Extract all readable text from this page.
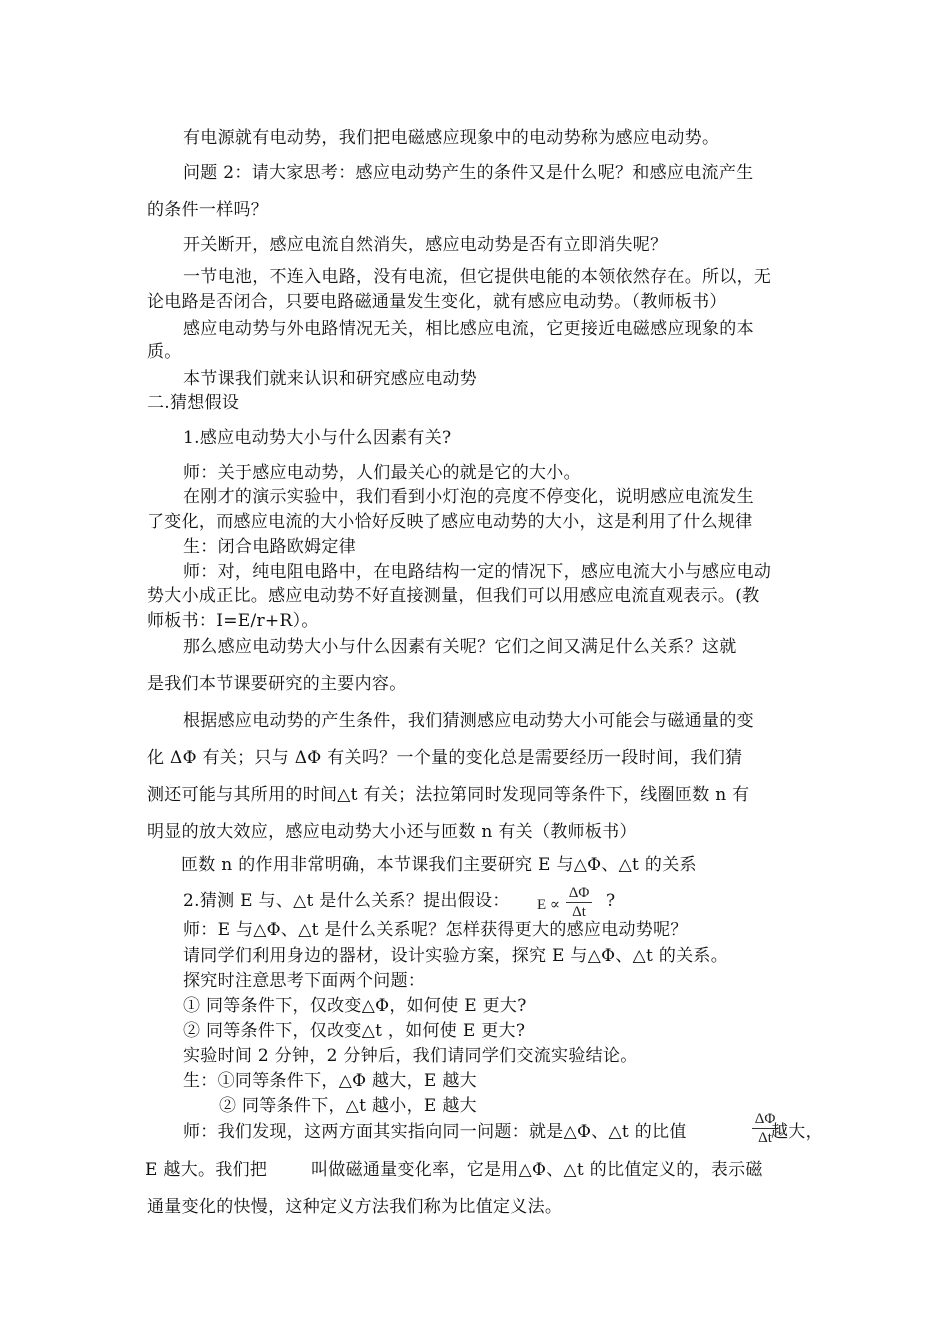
有电源就有电动势，我们把电磁感应现象中的电动势称为感应电动势。
问题 2：请大家思考：感应电动势产生的条件又是什么呢？和感应电流产生
的条件一样吗？
开关断开，感应电流自然消失，感应电动势是否有立即消失呢？
一节电池，不连入电路，没有电流，但它提供电能的本领依然存在。所以，无
论电路是否闭合，只要电路磁通量发生变化，就有感应电动势。（教师板书）
感应电动势与外电路情况无关，相比感应电流，它更接近电磁感应现象的本
质。
本节课我们就来认识和研究感应电动势
二.猜想假设
1.感应电动势大小与什么因素有关?
师：关于感应电动势，人们最关心的就是它的大小。
在刚才的演示实验中，我们看到小灯泡的亮度不停变化，说明感应电流发生
了变化，而感应电流的大小恰好反映了感应电动势的大小，这是利用了什么规律
生：闭合电路欧姆定律
师：对，纯电阻电路中，在电路结构一定的情况下，感应电流大小与感应电动
势大小成正比。感应电动势不好直接测量，但我们可以用感应电流直观表示。(教
师板书：I=E/r+R）。
那么感应电动势大小与什么因素有关呢？它们之间又满足什么关系？这就
是我们本节课要研究的主要内容。
根据感应电动势的产生条件，我们猜测感应电动势大小可能会与磁通量的变
化 ΔΦ 有关；只与 ΔΦ 有关吗？一个量的变化总是需要经历一段时间，我们猜
测还可能与其所用的时间△t 有关；法拉第同时发现同等条件下，线圈匝数 n 有
明显的放大效应，感应电动势大小还与匝数 n 有关（教师板书）
匝数 n 的作用非常明确，本节课我们主要研究 E 与△Φ、△t 的关系
2.猜测 E 与、△t 是什么关系？提出假设： E ∝
ΔΦ
Δt
?
师：E 与△Φ、△t 是什么关系呢？怎样获得更大的感应电动势呢？
请同学们利用身边的器材，设计实验方案，探究 E 与△Φ、△t 的关系。
探究时注意思考下面两个问题：
① 同等条件下，仅改变△Φ，如何使 E 更大?
② 同等条件下，仅改变△t ，如何使 E 更大?
实验时间 2 分钟，2 分钟后，我们请同学们交流实验结论。
生：①同等条件下，△Φ 越大，E 越大
② 同等条件下，△t 越小，E 越大
师：我们发现，这两方面其实指向同一问题：就是△Φ、△t 的比值
ΔΦ
Δt 越大，
E 越大。我们把	叫做磁通量变化率，它是用△Φ、△t 的比值定义的，表示磁
通量变化的快慢，这种定义方法我们称为比值定义法。
